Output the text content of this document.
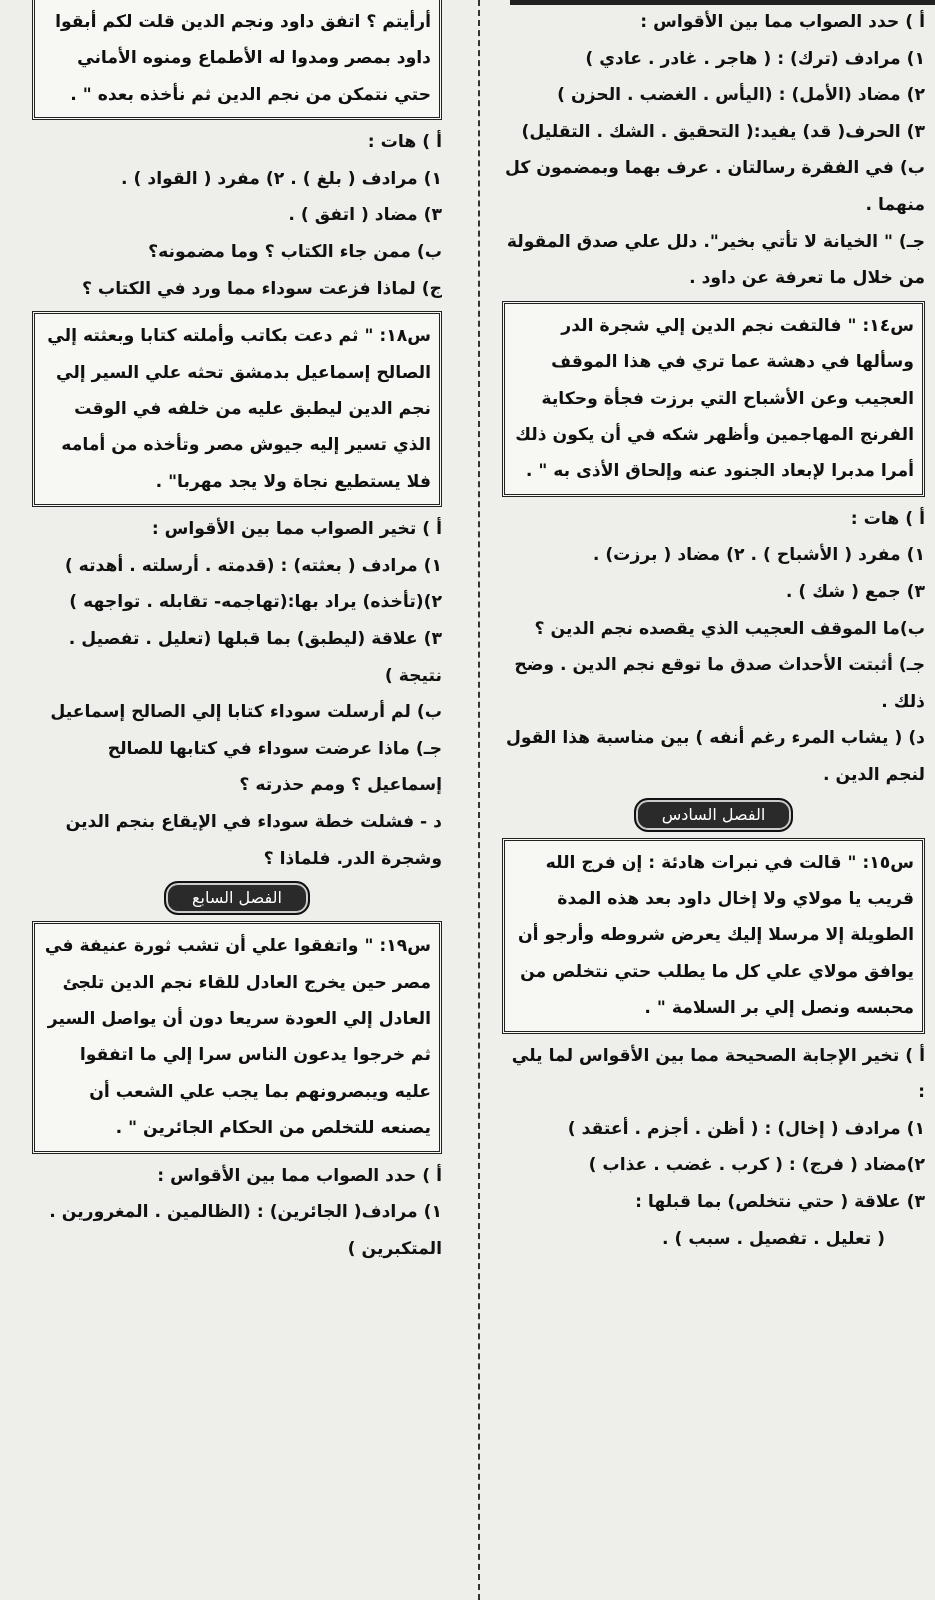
أ ) حدد الصواب مما بين الأقواس :
١) مرادف (ترك) : ( هاجر . غادر . عادي )
٢) مضاد (الأمل) : (اليأس . الغضب . الحزن )
٣) الحرف( قد) يفيد:( التحقيق . الشك . التقليل)
ب) في الفقرة رسالتان . عرف بهما وبمضمون كل منهما .
جـ) " الخيانة لا تأتي بخير". دلل علي صدق المقولة من خلال ما تعرفة عن داود .
س١٤: " فالتفت نجم الدين إلي شجرة الدر وسألها في دهشة عما تري في هذا الموقف العجيب وعن الأشباح التي برزت فجأة وحكاية الفرنج المهاجمين وأظهر شكه في أن يكون ذلك أمرا مدبرا لإبعاد الجنود عنه وإلحاق الأذى به " .
أ ) هات :
١) مفرد ( الأشباح ) . ٢) مضاد ( برزت) .
٣) جمع ( شك ) .
ب)ما الموقف العجيب الذي يقصده نجم الدين ؟
جـ) أثبتت الأحداث صدق ما توقع نجم الدين . وضح ذلك .
د) ( يشاب المرء رغم أنفه ) بين مناسبة هذا القول لنجم الدين .
الفصل السادس
س١٥: " قالت في نبرات هادئة : إن فرج الله قريب يا مولاي ولا إخال داود بعد هذه المدة الطويلة إلا مرسلا إليك يعرض شروطه وأرجو أن يوافق مولاي علي كل ما يطلب حتي نتخلص من محبسه ونصل إلي بر السلامة " .
أ ) تخير الإجابة الصحيحة مما بين الأقواس لما يلي :
١) مرادف ( إخال) : ( أظن . أجزم . أعتقد )
٢)مضاد ( فرج) : ( كرب . غضب . عذاب )
٣) علاقة ( حتي نتخلص) بما قبلها :
( تعليل . تفصيل . سبب ) .
أرأيتم ؟ اتفق داود ونجم الدين قلت لكم أبقوا داود بمصر ومدوا له الأطماع ومنوه الأماني حتي نتمكن من نجم الدين ثم نأخذه بعده " .
أ ) هات :
١) مرادف ( بلغ ) . ٢) مفرد ( القواد ) .
٣) مضاد ( اتفق ) .
ب) ممن جاء الكتاب ؟ وما مضمونه؟
ج) لماذا فزعت سوداء مما ورد في الكتاب ؟
س١٨: " ثم دعت بكاتب وأملته كتابا وبعثته إلي الصالح إسماعيل بدمشق تحثه علي السير إلي نجم الدين ليطبق عليه من خلفه في الوقت الذي تسير إليه جيوش مصر وتأخذه من أمامه فلا يستطيع نجاة ولا يجد مهربا" .
أ ) تخير الصواب مما بين الأقواس :
١) مرادف ( بعثته) : (قدمته . أرسلته . أهدته )
٢)(تأخذه) يراد بها:(تهاجمه- تقابله . تواجهه )
٣) علاقة (ليطبق) بما قبلها (تعليل . تفصيل . نتيجة )
ب) لم أرسلت سوداء كتابا إلي الصالح إسماعيل
جـ) ماذا عرضت سوداء في كتابها للصالح إسماعيل ؟ ومم حذرته ؟
د - فشلت خطة سوداء في الإيقاع بنجم الدين وشجرة الدر. فلماذا ؟
الفصل السابع
س١٩: " واتفقوا علي أن تشب ثورة عنيفة في مصر حين يخرج العادل للقاء نجم الدين تلجئ العادل إلي العودة سريعا دون أن يواصل السير ثم خرجوا يدعون الناس سرا إلي ما اتفقوا عليه ويبصرونهم بما يجب علي الشعب أن يصنعه للتخلص من الحكام الجائرين " .
أ ) حدد الصواب مما بين الأقواس :
١) مرادف( الجائرين) : (الظالمين . المغرورين . المتكبرين )
